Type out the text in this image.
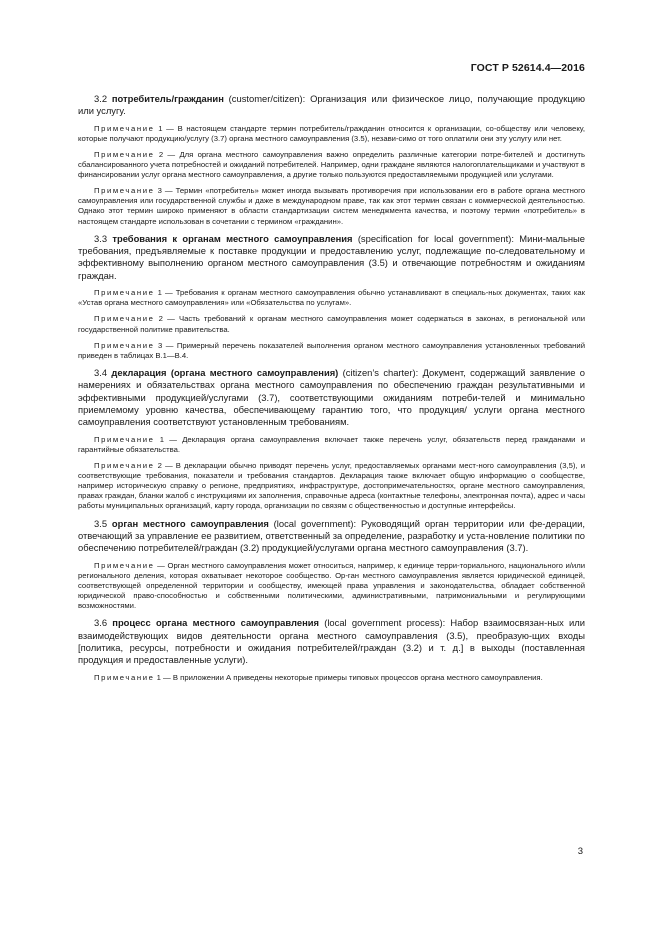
ГОСТ Р 52614.4—2016

3.2 потребитель/гражданин (customer/citizen): Организация или физическое лицо, получающие продукцию или услугу.

Примечание 1 — В настоящем стандарте термин потребитель/гражданин относится к организации, со-обществу или человеку, которые получают продукцию/услугу (3.7) органа местного самоуправления (3.5), незави-симо от того оплатили они эту услугу или нет.

Примечание 2 — Для органа местного самоуправления важно определить различные категории потре-бителей и достигнуть сбалансированного учета потребностей и ожиданий потребителей. Например, одни граждане являются налогоплательщиками и участвуют в финансировании услуг органа местного самоуправления, а другие только пользуются предоставляемыми продукцией или услугами.

Примечание 3 — Термин «потребитель» может иногда вызывать противоречия при использовании его в работе органа местного самоуправления или государственной службы и даже в международном праве, так как этот термин связан с коммерческой деятельностью. Однако этот термин широко применяют в области стандартизации систем менеджмента качества, и поэтому термин «потребитель» в настоящем стандарте использован в сочетании с термином «гражданин».

3.3 требования к органам местного самоуправления (specification for local government): Мини-мальные требования, предъявляемые к поставке продукции и предоставлению услуг, подлежащие по-следовательному и эффективному выполнению органом местного самоуправления (3.5) и отвечающие потребностям и ожиданиям граждан.

Примечание 1 — Требования к органам местного самоуправления обычно устанавливают в специаль-ных документах, таких как «Устав органа местного самоуправления» или «Обязательства по услугам».

Примечание 2 — Часть требований к органам местного самоуправления может содержаться в законах, в региональной или государственной политике правительства.

Примечание 3 — Примерный перечень показателей выполнения органом местного самоуправления установленных требований приведен в таблицах В.1—В.4.

3.4 декларация (органа местного самоуправления) (citizen’s charter): Документ, содержащий заявление о намерениях и обязательствах органа местного самоуправления по обеспечению граждан результативными и эффективными продукцией/услугами (3.7), соответствующими ожиданиям потреби-телей и минимально приемлемому уровню качества, обеспечивающему гарантию того, что продукция/ услуги органа местного самоуправления соответствуют установленным требованиям.

Примечание 1 — Декларация органа самоуправления включает также перечень услуг, обязательств перед гражданами и гарантийные обязательства.

Примечание 2 — В декларации обычно приводят перечень услуг, предоставляемых органами мест-ного самоуправления (3,5), и соответствующие требования, показатели и требования стандартов. Декларация также включает общую информацию о сообществе, например историческую справку о регионе, предприятиях, инфраструктуре, достопримечательностях, органе местного самоуправления, правах граждан, бланки жалоб с инструкциями их заполнения, справочные адреса (контактные телефоны, электронная почта), адрес и часы работы муниципальных организаций, карту города, организации по связям с общественностью и доступные интерфейсы.

3.5 орган местного самоуправления (local government): Руководящий орган территории или фе-дерации, отвечающий за управление ее развитием, ответственный за определение, разработку и уста-новление политики по обеспечению потребителей/граждан (3.2) продукцией/услугами органа местного самоуправления (3.7).

Примечание — Орган местного самоуправления может относиться, например, к единице терри-ториального, национального и/или регионального деления, которая охватывает некоторое сообщество. Ор-ган местного самоуправления является юридической единицей, соответствующей определенной территории и сообществу, имеющей права управления и законодательства, обладает собственной юридической право-способностью и собственными политическими, административными, патримониальными и регулирующими возможностями.

3.6 процесс органа местного самоуправления (local government process): Набор взаимосвязан-ных или взаимодействующих видов деятельности органа местного самоуправления (3.5), преобразую-щих входы [политика, ресурсы, потребности и ожидания потребителей/граждан (3.2) и т. д.] в выходы (поставленная продукция и предоставленные услуги).

Примечание 1 — В приложении А приведены некоторые примеры типовых процессов органа местного самоуправления.

3
